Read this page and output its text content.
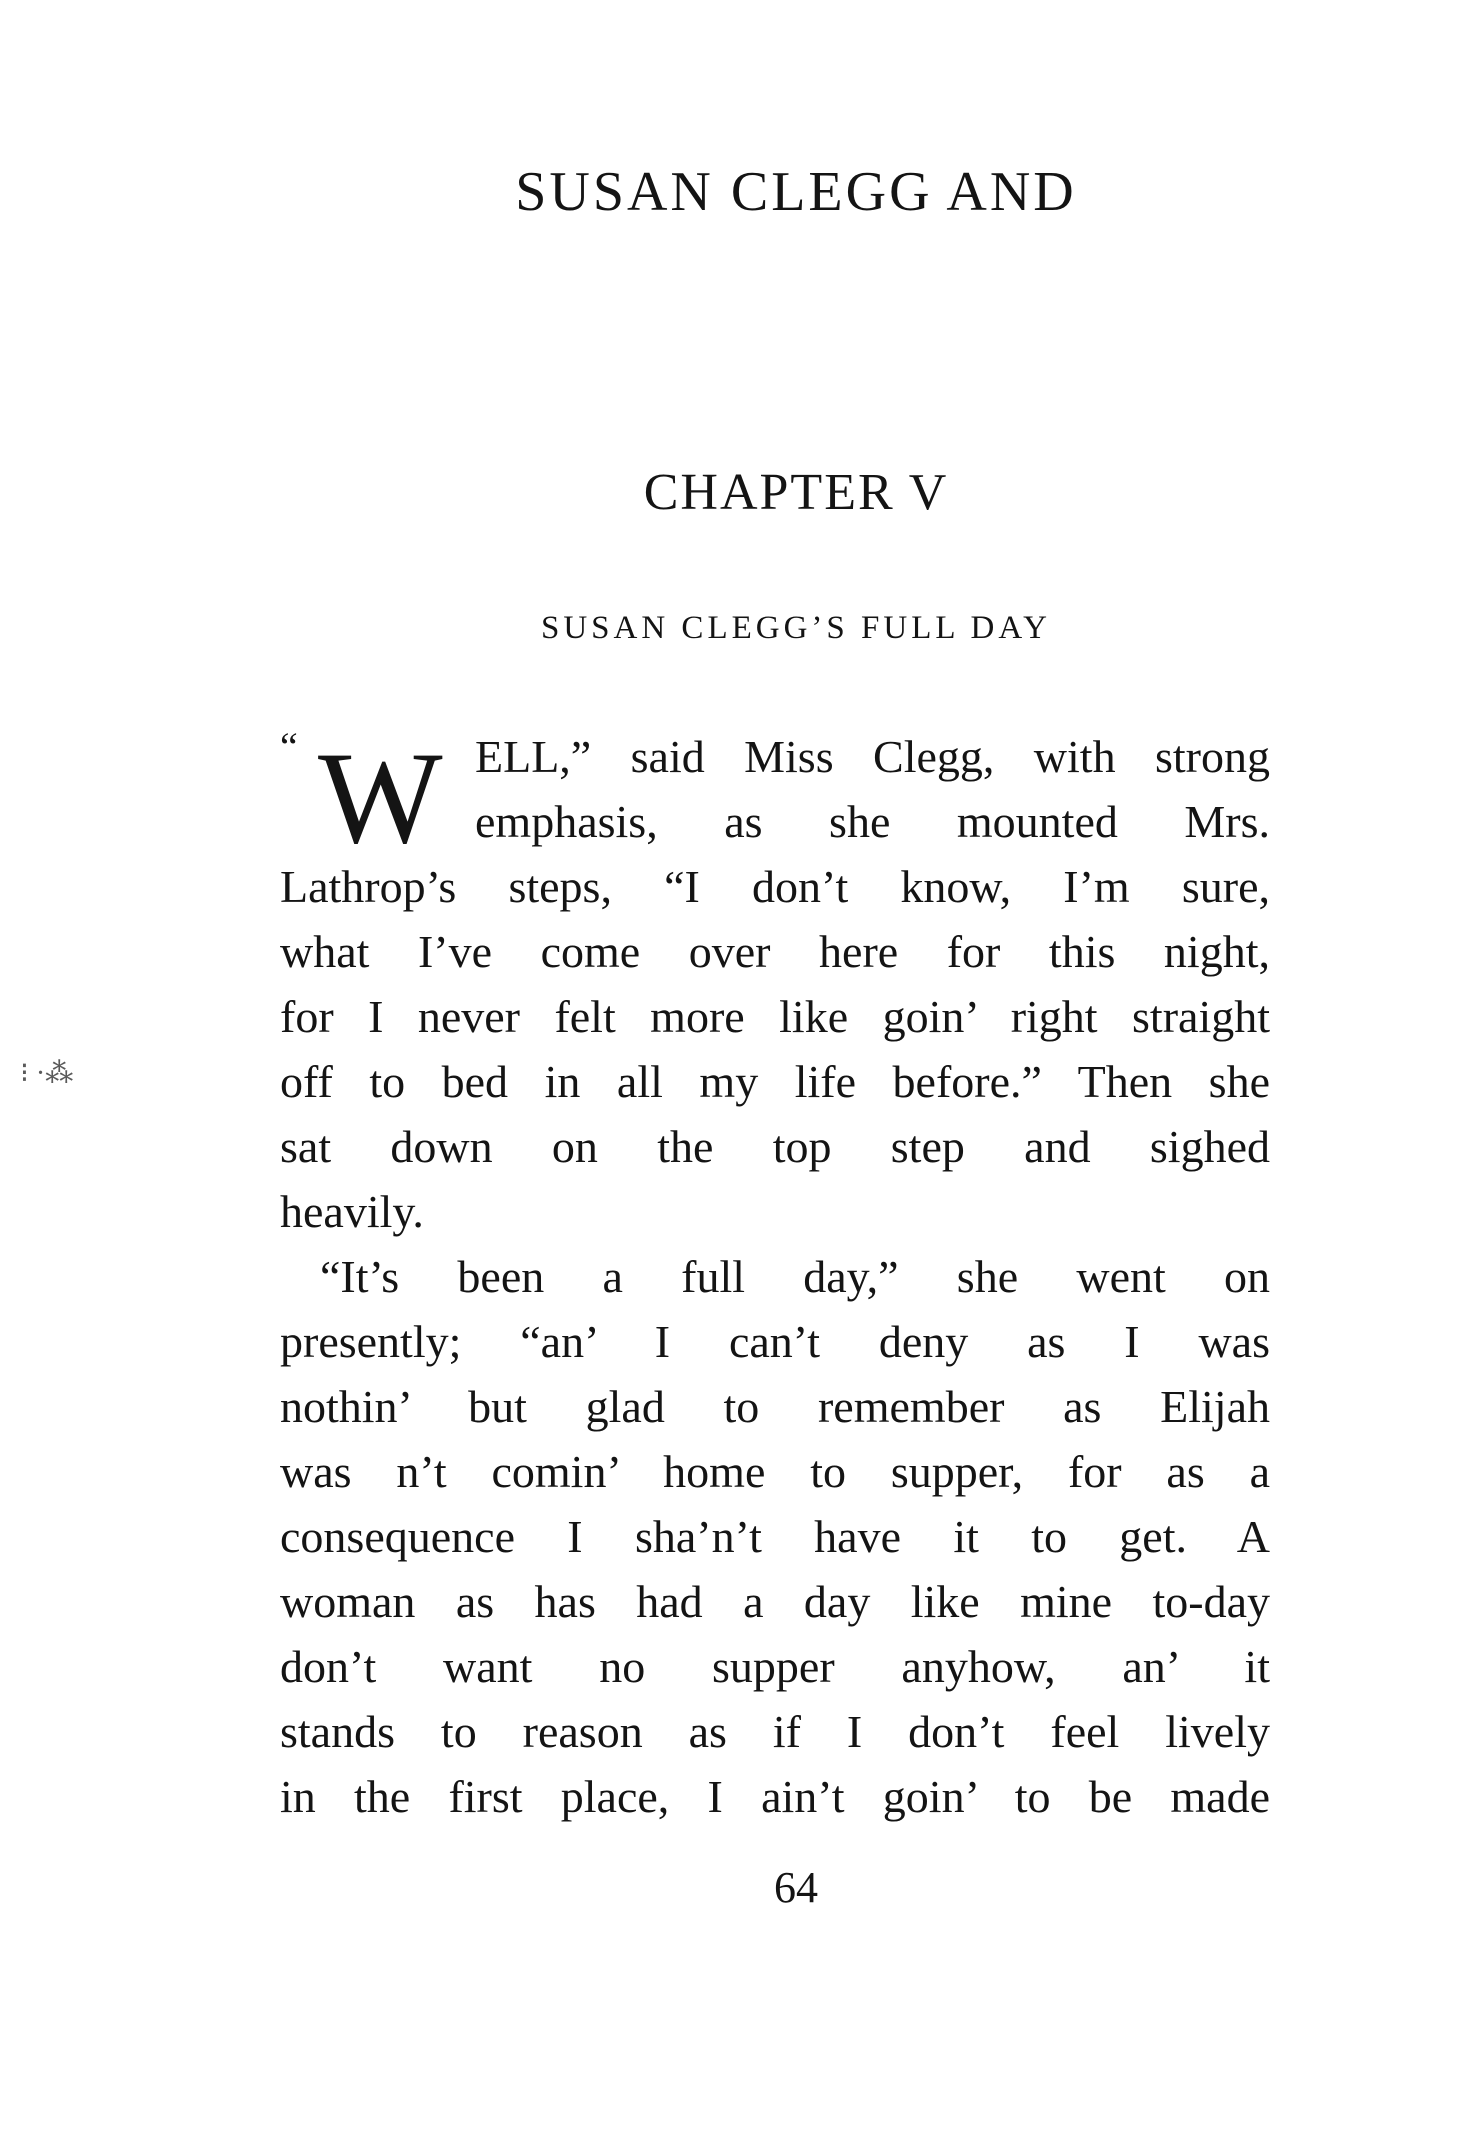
SUSAN CLEGG AND
CHAPTER V
SUSAN CLEGG’S FULL DAY
“ W ELL,” said Miss Clegg, with strong
emphasis, as she mounted Mrs.
Lathrop’s steps, “I don’t know, I’m sure,
what I’ve come over here for this night,
for I never felt more like goin’ right straight
off to bed in all my life before.” Then she
sat down on the top step and sighed
heavily.
“It’s been a full day,” she went on
presently; “an’ I can’t deny as I was
nothin’ but glad to remember as Elijah
was n’t comin’ home to supper, for as a
consequence I sha’n’t have it to get. A
woman as has had a day like mine to-day
don’t want no supper anyhow, an’ it
stands to reason as if I don’t feel lively
in the first place, I ain’t goin’ to be made
64
⁝ ·⁂
